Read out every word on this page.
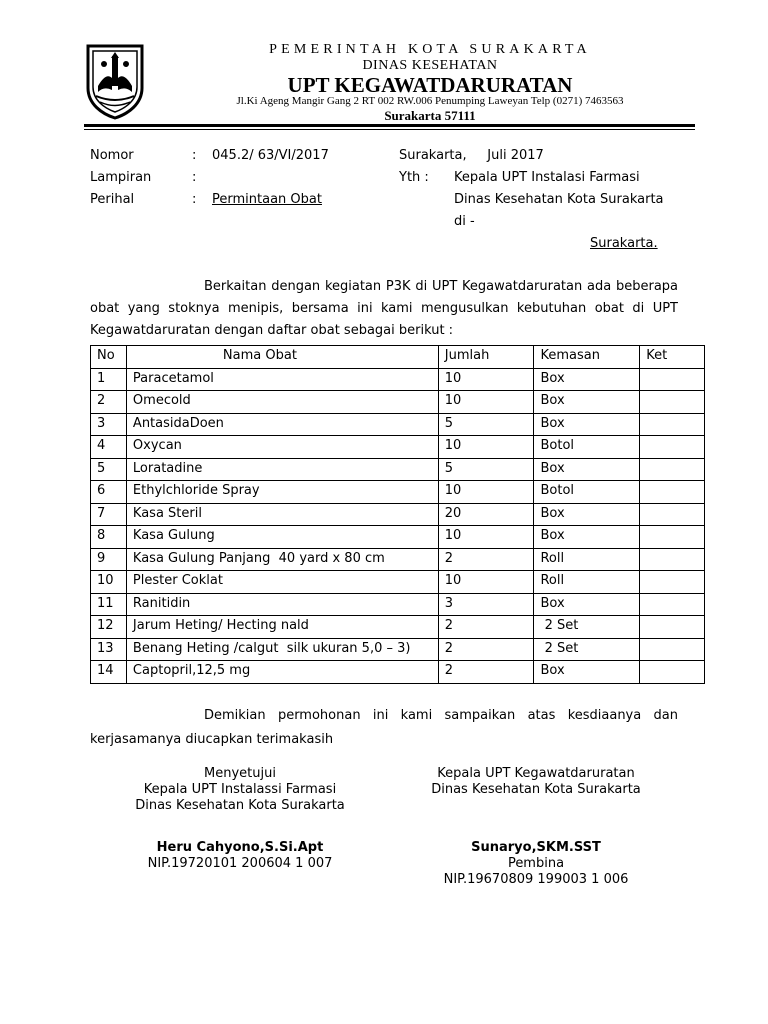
PEMERINTAH KOTA SURAKARTA
DINAS KESEHATAN
UPT KEGAWATDARURATAN
Jl.Ki Ageng Mangir Gang 2 RT 002 RW.006 Penumping Laweyan Telp (0271) 7463563
Surakarta 57111
Nomor	: 045.2/ 63/VI/2017
Lampiran	:
Perihal	: Permintaan Obat
Surakarta,     Juli 2017
Yth : Kepala UPT Instalasi Farmasi
Dinas Kesehatan Kota Surakarta
di -
Surakarta.
Berkaitan dengan kegiatan P3K di UPT Kegawatdaruratan ada beberapa obat yang stoknya menipis, bersama ini kami mengusulkan kebutuhan obat di UPT Kegawatdaruratan dengan daftar obat sebagai berikut :
No	Nama Obat	Jumlah	Kemasan	Ket
1	Paracetamol	10	Box	
2	Omecold	10	Box	
3	AntasidaDoen	5	Box	
4	Oxycan	10	Botol	
5	Loratadine	5	Box	
6	Ethylchloride Spray	10	Botol	
7	Kasa Steril	20	Box	
8	Kasa Gulung	10	Box	
9	Kasa Gulung Panjang  40 yard x 80 cm	2	Roll	
10	Plester Coklat	10	Roll	
11	Ranitidin	3	Box	
12	Jarum Heting/ Hecting nald	2	2 Set	
13	Benang Heting /calgut  silk ukuran 5,0 – 3)	2	2 Set	
14	Captopril,12,5 mg	2	Box	
Demikian permohonan ini kami sampaikan atas kesdiaanya dan kerjasamanya diucapkan terimakasih
Menyetujui
Kepala UPT Instalassi Farmasi
Dinas Kesehatan Kota Surakarta
Heru Cahyono,S.Si.Apt
NIP.19720101 200604 1 007
Kepala UPT Kegawatdaruratan
Dinas Kesehatan Kota Surakarta
Sunaryo,SKM.SST
Pembina
NIP.19670809 199003 1 006
